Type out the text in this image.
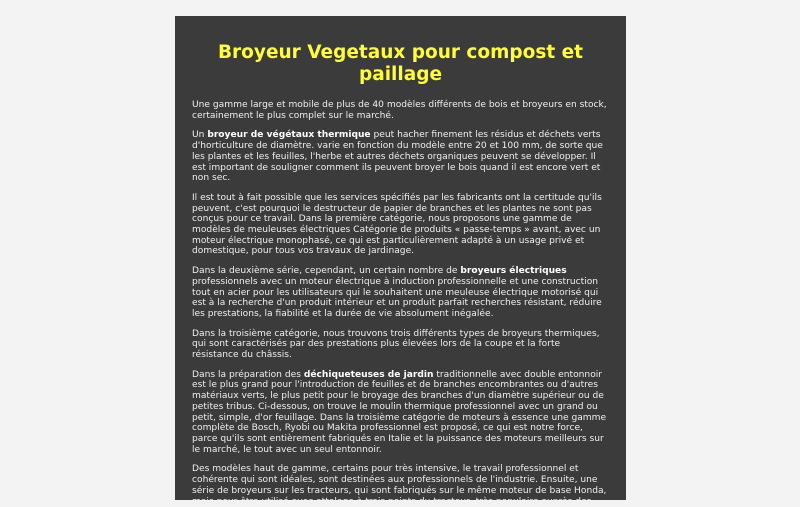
Broyeur Vegetaux pour compost et paillage

Une gamme large et mobile de plus de 40 modèles différents de bois et broyeurs en stock, certainement le plus complet sur le marché.

Un broyeur de végétaux thermique peut hacher finement les résidus et déchets verts d'horticulture de diamètre. varie en fonction du modèle entre 20 et 100 mm, de sorte que les plantes et les feuilles, l'herbe et autres déchets organiques peuvent se développer. Il est important de souligner comment ils peuvent broyer le bois quand il est encore vert et non sec.

Il est tout à fait possible que les services spécifiés par les fabricants ont la certitude qu'ils peuvent, c'est pourquoi le destructeur de papier de branches et les plantes ne sont pas conçus pour ce travail. Dans la première catégorie, nous proposons une gamme de modèles de meuleuses électriques Catégorie de produits « passe-temps » avant, avec un moteur électrique monophasé, ce qui est particulièrement adapté à un usage privé et domestique, pour tous vos travaux de jardinage.

Dans la deuxième série, cependant, un certain nombre de broyeurs électriques professionnels avec un moteur électrique à induction professionnelle et une construction tout en acier pour les utilisateurs qui le souhaitent une meuleuse électrique motorisé qui est à la recherche d'un produit intérieur et un produit parfait recherches résistant, réduire les prestations, la fiabilité et la durée de vie absolument inégalée.

Dans la troisième catégorie, nous trouvons trois différents types de broyeurs thermiques, qui sont caractérisés par des prestations plus élevées lors de la coupe et la forte résistance du châssis.

Dans la préparation des déchiqueteuses de jardin traditionnelle avec double entonnoir est le plus grand pour l'introduction de feuilles et de branches encombrantes ou d'autres matériaux verts, le plus petit pour le broyage des branches d'un diamètre supérieur ou de petites tribus. Ci-dessous, on trouve le moulin thermique professionnel avec un grand ou petit, simple, d'or feuillage. Dans la troisième catégorie de moteurs à essence une gamme complète de Bosch, Ryobi ou Makita professionnel est proposé, ce qui est notre force, parce qu'ils sont entièrement fabriqués en Italie et la puissance des moteurs meilleurs sur le marché, le tout avec un seul entonnoir.

Des modèles haut de gamme, certains pour très intensive, le travail professionnel et cohérente qui sont idéales, sont destinées aux professionnels de l'industrie. Ensuite, une série de broyeurs sur les tracteurs, qui sont fabriqués sur le même moteur de base Honda, mais pour être utilisé avec attelage à trois points du tracteur, très populaire auprès des
